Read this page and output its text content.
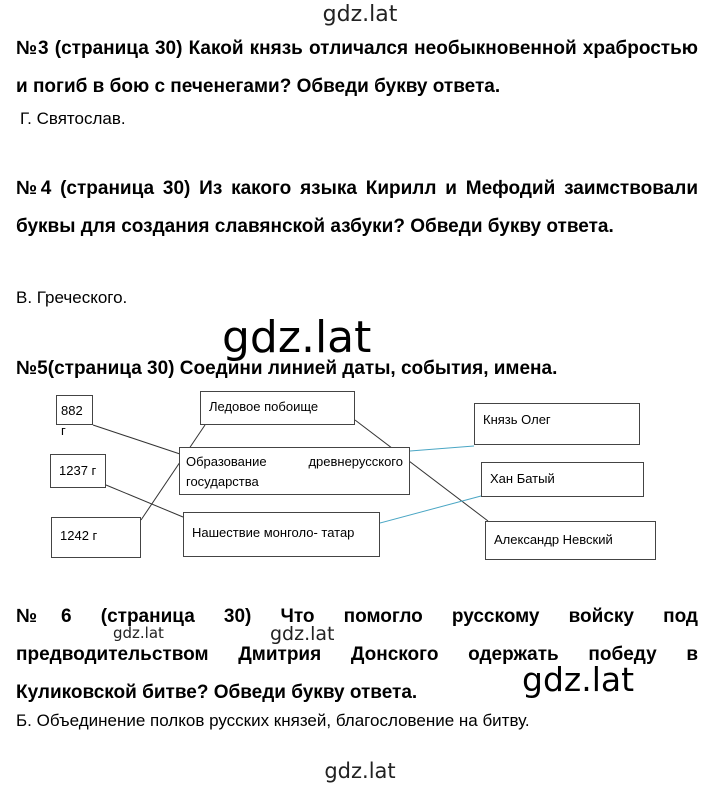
gdz.lat
№3 (страница 30) Какой князь отличался необыкновенной храбростью и погиб в бою с печенегами? Обведи букву ответа.
Г. Святослав.
№4 (страница 30) Из какого языка Кирилл и Мефодий заимствовали буквы для создания славянской азбуки? Обведи букву ответа.
В. Греческого.
gdz.lat
№5(страница 30) Соедини линией даты, события, имена.
882 г
1237 г
1242 г
Ледовое побоище
Образование древнерусского государства
Нашествие монголо- татар
Князь Олег
Хан Батый
Александр Невский
№6 (страница 30) Что помогло русскому войску под предводительством Дмитрия Донского одержать победу в Куликовской битве? Обведи букву ответа.
gdz.lat	gdz.lat
gdz.lat
Б. Объединение полков русских князей, благословение на битву.
gdz.lat
